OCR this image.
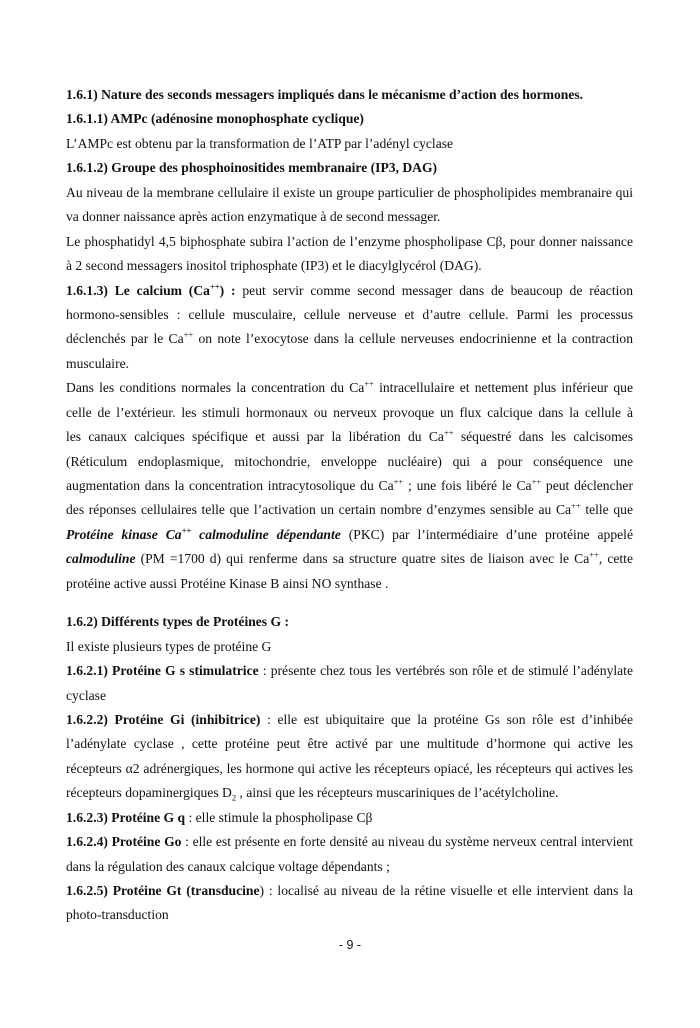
1.6.1) Nature des seconds messagers impliqués dans le mécanisme d’action des hormones.
1.6.1.1) AMPc (adénosine monophosphate cyclique)
L’AMPc est obtenu par la transformation de l’ATP par l’adényl cyclase
1.6.1.2) Groupe des phosphoinositides membranaire (IP3, DAG)
Au niveau de la membrane cellulaire il existe un groupe particulier de phospholipides membranaire qui
va donner naissance après action enzymatique à de second messager.
Le phosphatidyl 4,5 biphosphate subira l’action de l’enzyme phospholipase Cβ, pour donner naissance
à 2 second messagers inositol triphosphate (IP3) et le diacylglycérol (DAG).
1.6.1.3) Le calcium (Ca++) : peut servir comme second messager dans de beaucoup de réaction
hormono-sensibles : cellule musculaire, cellule nerveuse et d’autre cellule. Parmi les processus
déclenchés par le Ca++ on note l’exocytose dans la cellule nerveuses endocrinienne et la contraction
musculaire.
Dans les conditions normales la concentration du Ca++ intracellulaire et nettement plus inférieur que
celle de l’extérieur. les stimuli hormonaux ou nerveux provoque un flux calcique dans la cellule à
les canaux calciques spécifique et aussi par la libération du Ca++ séquestré dans les calcisomes
(Réticulum endoplasmique, mitochondrie, enveloppe nucléaire) qui a pour conséquence une
augmentation dans la concentration intracytosolique du Ca++ ; une fois libéré le Ca++ peut déclencher
des réponses cellulaires telle que l’activation un certain nombre d’enzymes sensible au Ca++ telle que
Protéine kinase Ca++ calmoduline dépendante (PKC) par l’intermédiaire d’une protéine appelé
calmoduline (PM =1700 d) qui renferme dans sa structure quatre sites de liaison avec le Ca++, cette
protéine active aussi Protéine Kinase B ainsi NO synthase .
1.6.2) Différents types de Protéines G :
Il existe plusieurs types de protéine G
1.6.2.1) Protéine G s stimulatrice : présente chez tous les vertébrés son rôle et de stimulé l’adénylate
cyclase
1.6.2.2) Protéine Gi (inhibitrice) : elle est ubiquitaire que la protéine Gs son rôle est d’inhibée
l’adénylate cyclase , cette protéine peut être activé par une multitude d’hormone qui active les
récepteurs α2 adrénergiques, les hormone qui active les récepteurs opiacé, les récepteurs qui actives les
récepteurs dopaminergiques $D_2$ , ainsi que les récepteurs muscariniques de l’acétylcholine.
1.6.2.3) Protéine G q : elle stimule la phospholipase Cβ
1.6.2.4) Protéine Go : elle est présente en forte densité au niveau du système nerveux central intervient
dans la régulation des canaux calcique voltage dépendants ;
1.6.2.5) Protéine Gt (transducine) : localisé au niveau de la rétine visuelle et elle intervient dans la
photo-transduction
- 9 -
